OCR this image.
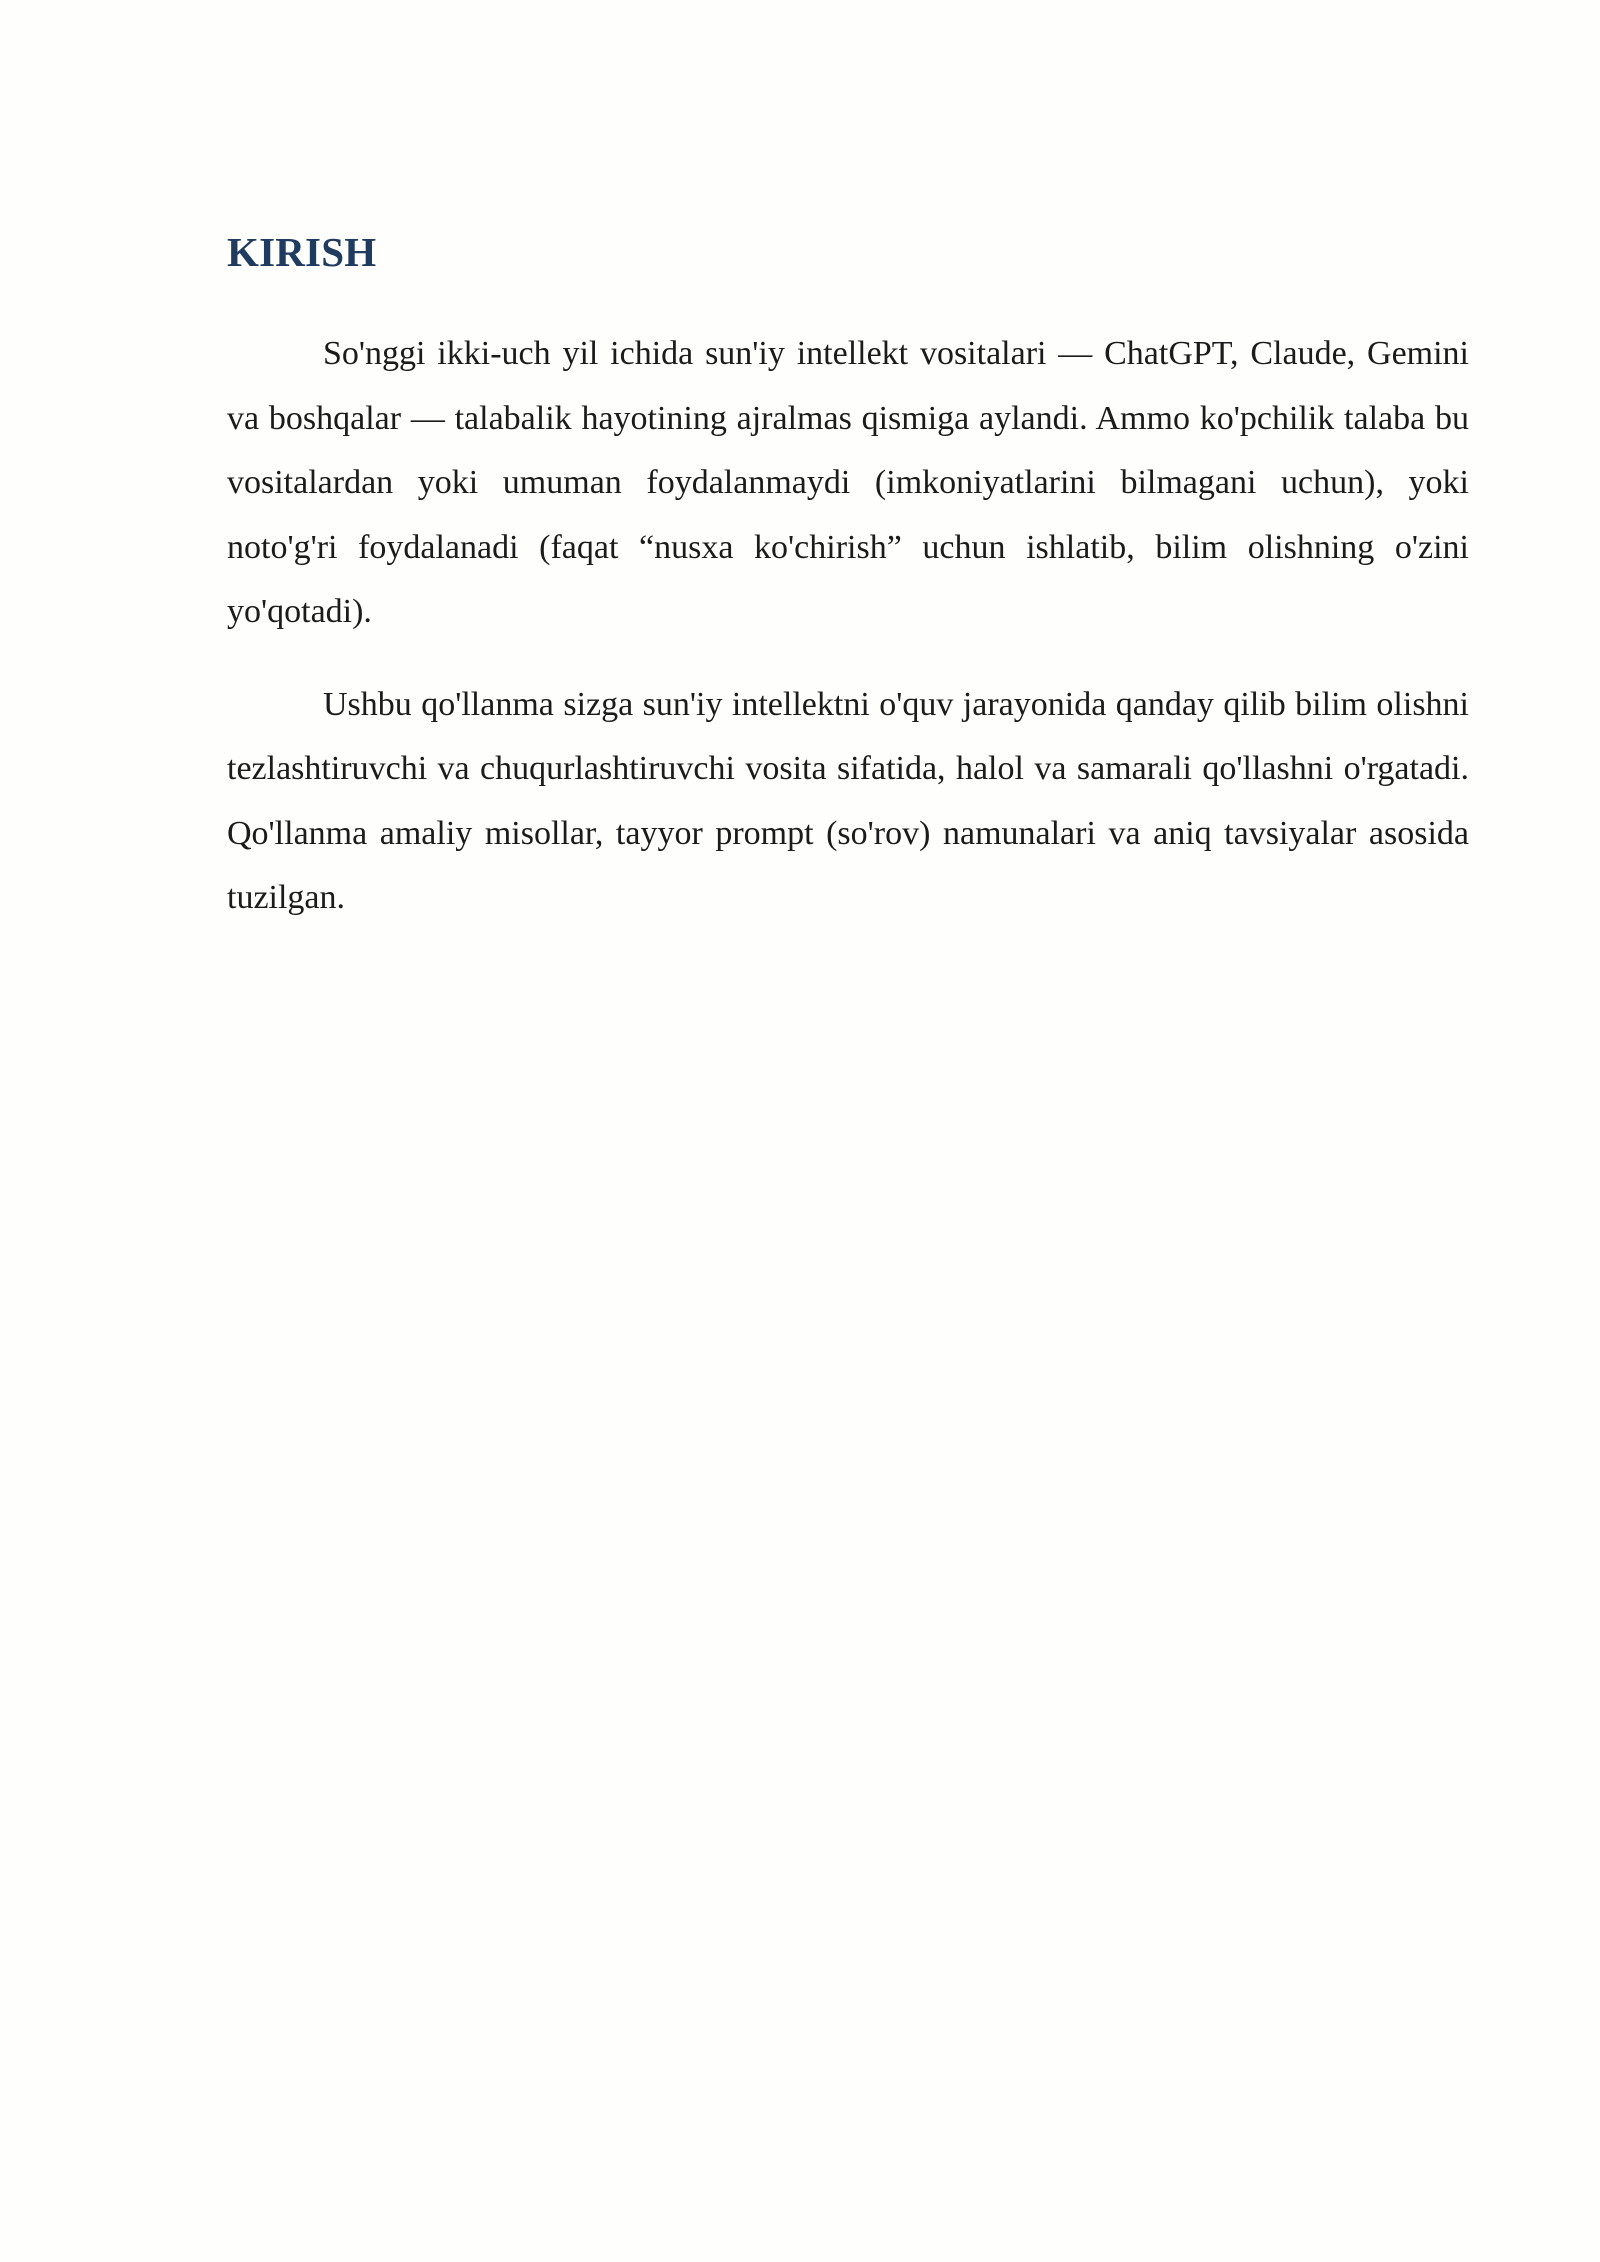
KIRISH

So'nggi ikki-uch yil ichida sun'iy intellekt vositalari — ChatGPT, Claude, Gemini va boshqalar — talabalik hayotining ajralmas qismiga aylandi. Ammo ko'pchilik talaba bu vositalardan yoki umuman foydalanmaydi (imkoniyatlarini bilmagani uchun), yoki noto'g'ri foydalanadi (faqat “nusxa ko'chirish” uchun ishlatib, bilim olishning o'zini yo'qotadi).

Ushbu qo'llanma sizga sun'iy intellektni o'quv jarayonida qanday qilib bilim olishni tezlashtiruvchi va chuqurlashtiruvchi vosita sifatida, halol va samarali qo'llashni o'rgatadi. Qo'llanma amaliy misollar, tayyor prompt (so'rov) namunalari va aniq tavsiyalar asosida tuzilgan.
